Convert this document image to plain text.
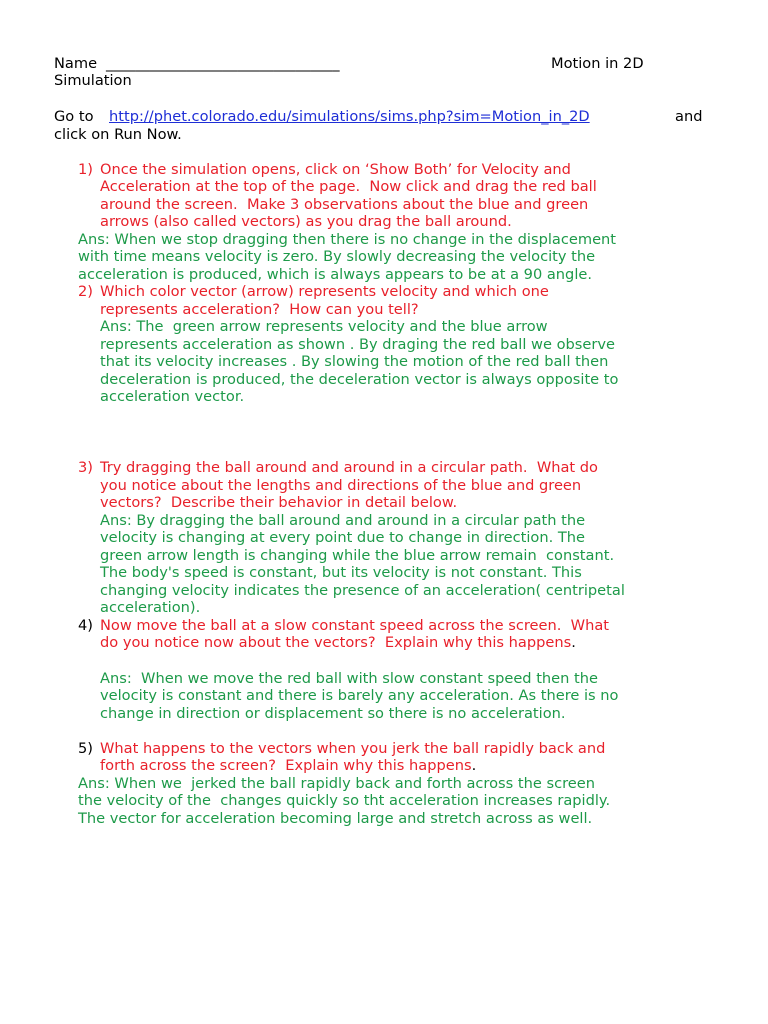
Name ________________________________	Motion in 2D
Simulation
Go to http://phet.colorado.edu/simulations/sims.php?sim=Motion_in_2D	and
click on Run Now.
1) Once the simulation opens, click on ‘Show Both’ for Velocity and
Acceleration at the top of the page.  Now click and drag the red ball
around the screen.  Make 3 observations about the blue and green
arrows (also called vectors) as you drag the ball around.
Ans: When we stop dragging then there is no change in the displacement
with time means velocity is zero. By slowly decreasing the velocity the
acceleration is produced, which is always appears to be at a 90 angle.
2) Which color vector (arrow) represents velocity and which one
represents acceleration?  How can you tell?
Ans: The  green arrow represents velocity and the blue arrow
represents acceleration as shown . By draging the red ball we observe
that its velocity increases . By slowing the motion of the red ball then
deceleration is produced, the deceleration vector is always opposite to
acceleration vector.
3) Try dragging the ball around and around in a circular path.  What do
you notice about the lengths and directions of the blue and green
vectors?  Describe their behavior in detail below.
Ans: By dragging the ball around and around in a circular path the
velocity is changing at every point due to change in direction. The
green arrow length is changing while the blue arrow remain  constant.
The body's speed is constant, but its velocity is not constant. This
changing velocity indicates the presence of an acceleration( centripetal
acceleration).
4) Now move the ball at a slow constant speed across the screen.  What
do you notice now about the vectors?  Explain why this happens.
Ans:  When we move the red ball with slow constant speed then the
velocity is constant and there is barely any acceleration. As there is no
change in direction or displacement so there is no acceleration.
5) What happens to the vectors when you jerk the ball rapidly back and
forth across the screen?  Explain why this happens.
Ans: When we  jerked the ball rapidly back and forth across the screen
the velocity of the  changes quickly so tht acceleration increases rapidly.
The vector for acceleration becoming large and stretch across as well.
